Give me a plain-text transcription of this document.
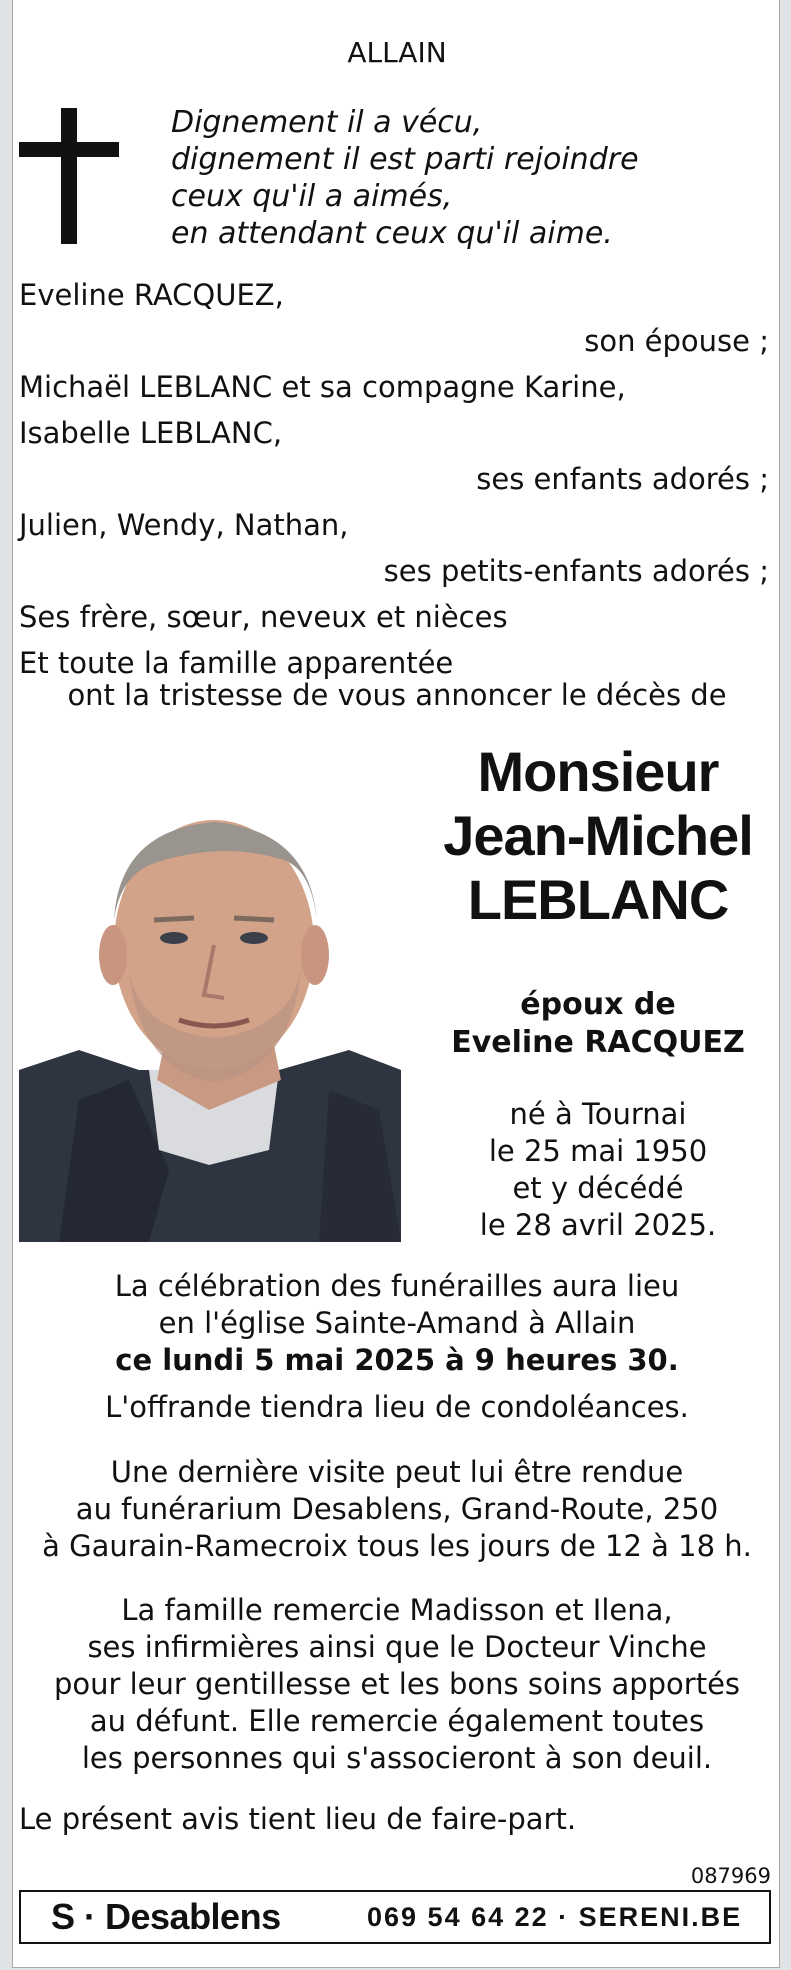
ALLAIN
Dignement il a vécu,
dignement il est parti rejoindre
ceux qu'il a aimés,
en attendant ceux qu'il aime.
Eveline RACQUEZ,
son épouse ;
Michaël LEBLANC et sa compagne Karine,
Isabelle LEBLANC,
ses enfants adorés ;
Julien, Wendy, Nathan,
ses petits-enfants adorés ;
Ses frère, sœur, neveux et nièces
Et toute la famille apparentée
ont la tristesse de vous annoncer le décès de
Monsieur
Jean-Michel
LEBLANC
époux de
Eveline RACQUEZ
né à Tournai
le 25 mai 1950
et y décédé
le 28 avril 2025.
La célébration des funérailles aura lieu
en l'église Sainte-Amand à Allain
ce lundi 5 mai 2025 à 9 heures 30.
L'offrande tiendra lieu de condoléances.
Une dernière visite peut lui être rendue
au funérarium Desablens, Grand-Route, 250
à Gaurain-Ramecroix tous les jours de 12 à 18 h.
La famille remercie Madisson et Ilena,
ses infirmières ainsi que le Docteur Vinche
pour leur gentillesse et les bons soins apportés
au défunt. Elle remercie également toutes
les personnes qui s'associeront à son deuil.
Le présent avis tient lieu de faire-part.
087969
S · Desablens	069 54 64 22 · SERENI.BE
